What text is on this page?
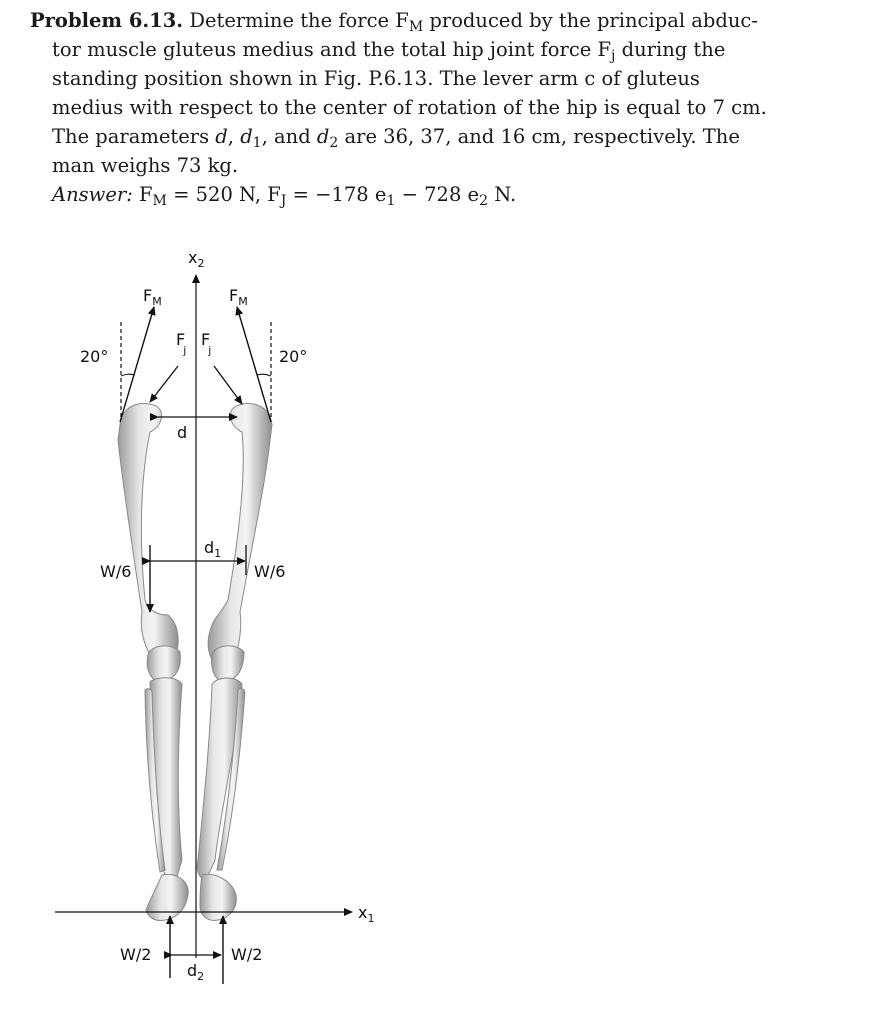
Problem 6.13. Determine the force $F_M$ produced by the principal abduc-
tor muscle gluteus medius and the total hip joint force $F_j$ during the
standing position shown in Fig. P.6.13. The lever arm c of gluteus
medius with respect to the center of rotation of the hip is equal to 7 cm.
The parameters d, $d_1$, and $d_2$ are 36, 37, and 16 cm, respectively. The
man weighs 73 kg.
Answer: $F_M = 520$ N, $F_J = -178$ $e_1 - 728$ $e_2$ N.
$x_2$
$x_1$
$F_M$	$F_M$
F j
F j
20°	20°
d
$d_1$
W/6	W/6
W/2	W/2
$d_2$
